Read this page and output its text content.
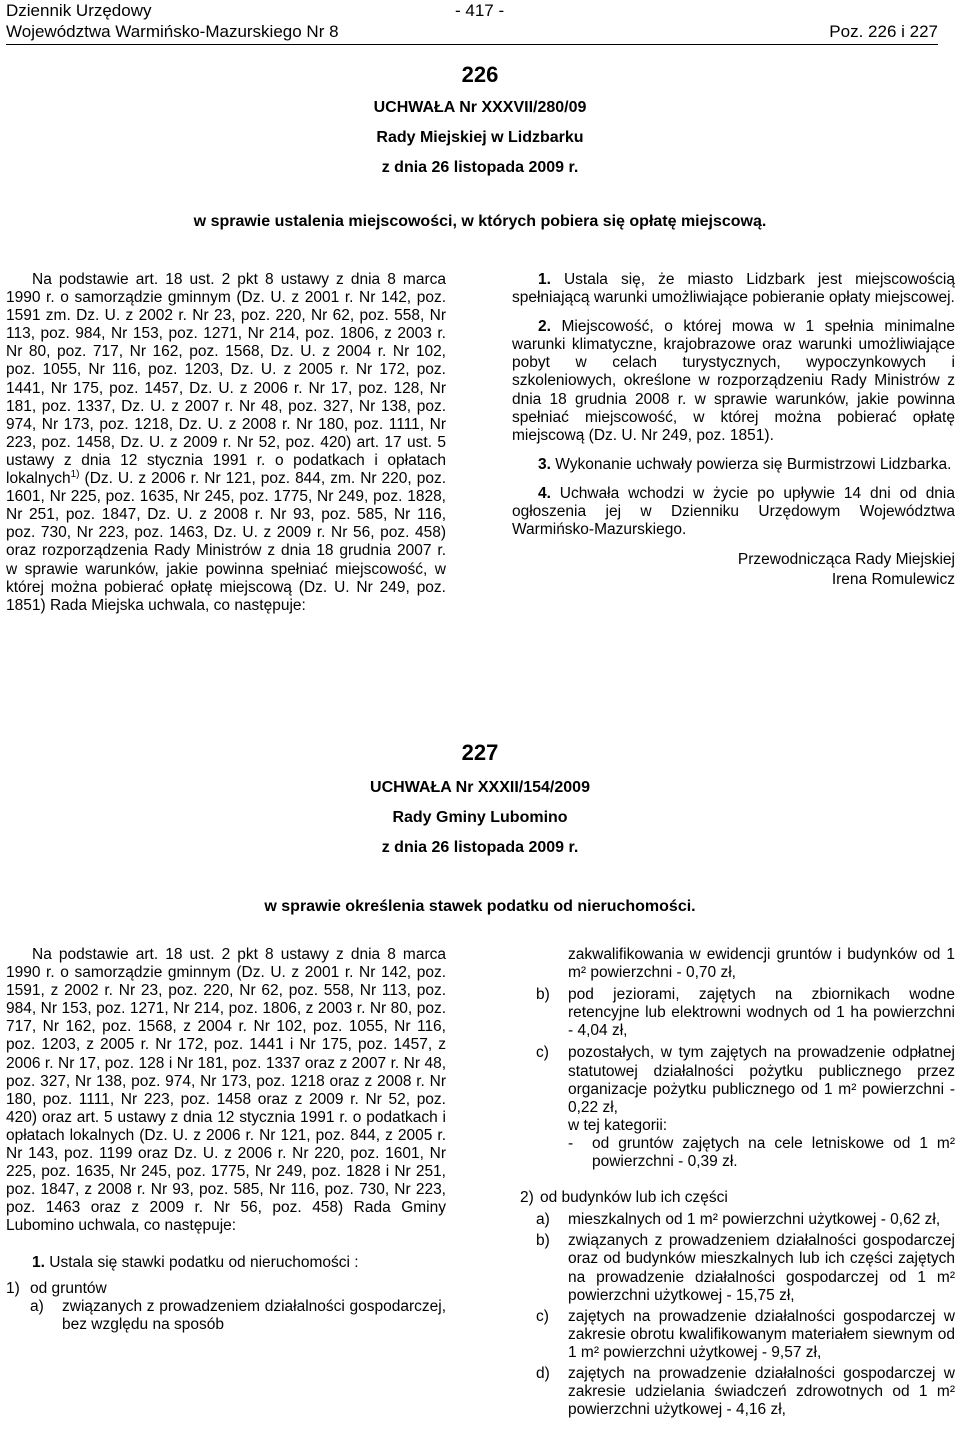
Dziennik Urzędowy
Województwa Warmińsko-Mazurskiego Nr 8
- 417 -
Poz. 226 i 227
226
UCHWAŁA Nr XXXVII/280/09
Rady Miejskiej w Lidzbarku
z dnia 26 listopada 2009 r.
w sprawie ustalenia miejscowości, w których pobiera się opłatę miejscową.

Na podstawie art. 18 ust. 2 pkt 8 ustawy z dnia 8 marca 1990 r. o samorządzie gminnym (Dz. U. z 2001 r. Nr 142, poz. 1591 zm. Dz. U. z 2002 r. Nr 23, poz. 220, Nr 62, poz. 558, Nr 113, poz. 984, Nr 153, poz. 1271, Nr 214, poz. 1806, z 2003 r. Nr 80, poz. 717, Nr 162, poz. 1568, Dz. U. z 2004 r. Nr 102, poz. 1055, Nr 116, poz. 1203, Dz. U. z 2005 r. Nr 172, poz. 1441, Nr 175, poz. 1457, Dz. U. z 2006 r. Nr 17, poz. 128, Nr 181, poz. 1337, Dz. U. z 2007 r. Nr 48, poz. 327, Nr 138, poz. 974, Nr 173, poz. 1218, Dz. U. z 2008 r. Nr 180, poz. 1111, Nr 223, poz. 1458, Dz. U. z 2009 r. Nr 52, poz. 420) art. 17 ust. 5 ustawy z dnia 12 stycznia 1991 r. o podatkach i opłatach lokalnych$^{1)}$ (Dz. U. z 2006 r. Nr 121, poz. 844, zm. Nr 220, poz. 1601, Nr 225, poz. 1635, Nr 245, poz. 1775, Nr 249, poz. 1828, Nr 251, poz. 1847, Dz. U. z 2008 r. Nr 93, poz. 585, Nr 116, poz. 730, Nr 223, poz. 1463, Dz. U. z 2009 r. Nr 56, poz. 458) oraz rozporządzenia Rady Ministrów z dnia 18 grudnia 2007 r. w sprawie warunków, jakie powinna spełniać miejscowość, w której można pobierać opłatę miejscową (Dz. U. Nr 249, poz. 1851) Rada Miejska uchwala, co następuje:

1. Ustala się, że miasto Lidzbark jest miejscowością spełniającą warunki umożliwiające pobieranie opłaty miejscowej.

2. Miejscowość, o której mowa w 1 spełnia minimalne warunki klimatyczne, krajobrazowe oraz warunki umożliwiające pobyt w celach turystycznych, wypoczynkowych i szkoleniowych, określone w rozporządzeniu Rady Ministrów z dnia 18 grudnia 2008 r. w sprawie warunków, jakie powinna spełniać miejscowość, w której można pobierać opłatę miejscową (Dz. U. Nr 249, poz. 1851).

3. Wykonanie uchwały powierza się Burmistrzowi Lidzbarka.

4. Uchwała wchodzi w życie po upływie 14 dni od dnia ogłoszenia jej w Dzienniku Urzędowym Województwa Warmińsko-Mazurskiego.

Przewodnicząca Rady Miejskiej
Irena Romulewicz
227
UCHWAŁA Nr XXXII/154/2009
Rady Gminy Lubomino
z dnia 26 listopada 2009 r.
w sprawie określenia stawek podatku od nieruchomości.

Na podstawie art. 18 ust. 2 pkt 8 ustawy z dnia 8 marca 1990 r. o samorządzie gminnym (Dz. U. z 2001 r. Nr 142, poz. 1591, z 2002 r. Nr 23, poz. 220, Nr 62, poz. 558, Nr 113, poz. 984, Nr 153, poz. 1271, Nr 214, poz. 1806, z 2003 r. Nr 80, poz. 717, Nr 162, poz. 1568, z 2004 r. Nr 102, poz. 1055, Nr 116, poz. 1203, z 2005 r. Nr 172, poz. 1441 i Nr 175, poz. 1457, z 2006 r. Nr 17, poz. 128 i Nr 181, poz. 1337 oraz z 2007 r. Nr 48, poz. 327, Nr 138, poz. 974, Nr 173, poz. 1218 oraz z 2008 r. Nr 180, poz. 1111, Nr 223, poz. 1458 oraz z 2009 r. Nr 52, poz. 420) oraz art. 5 ustawy z dnia 12 stycznia 1991 r. o podatkach i opłatach lokalnych (Dz. U. z 2006 r. Nr 121, poz. 844, z 2005 r. Nr 143, poz. 1199 oraz Dz. U. z 2006 r. Nr 220, poz. 1601, Nr 225, poz. 1635, Nr 245, poz. 1775, Nr 249, poz. 1828 i Nr 251, poz. 1847, z 2008 r. Nr 93, poz. 585, Nr 116, poz. 730, Nr 223, poz. 1463 oraz z 2009 r. Nr 56, poz. 458) Rada Gminy Lubomino uchwala, co następuje:

1. Ustala się stawki podatku od nieruchomości :

1) od gruntów
a)	związanych z prowadzeniem działalności gospodarczej, bez względu na sposób

zakwalifikowania w ewidencji gruntów i budynków od 1 m² powierzchni - 0,70 zł,

b)	pod jeziorami, zajętych na zbiornikach wodne retencyjne lub elektrowni wodnych od 1 ha powierzchni - 4,04 zł,
c)	pozostałych, w tym zajętych na prowadzenie odpłatnej statutowej działalności pożytku publicznego przez organizacje pożytku publicznego od 1 m² powierzchni - 0,22 zł,

w tej kategorii:

-	od gruntów zajętych na cele letniskowe od 1 m² powierzchni - 0,39 zł.
2) od budynków lub ich części
a)	mieszkalnych od 1 m² powierzchni użytkowej - 0,62 zł,
b)	związanych z prowadzeniem działalności gospodarczej oraz od budynków mieszkalnych lub ich części zajętych na prowadzenie działalności gospodarczej od 1 m² powierzchni użytkowej - 15,75 zł,
c)	zajętych na prowadzenie działalności gospodarczej w zakresie obrotu kwalifikowanym materiałem siewnym od 1 m² powierzchni użytkowej - 9,57 zł,
d)	zajętych na prowadzenie działalności gospodarczej w zakresie udzielania świadczeń zdrowotnych od 1 m² powierzchni użytkowej - 4,16 zł,
